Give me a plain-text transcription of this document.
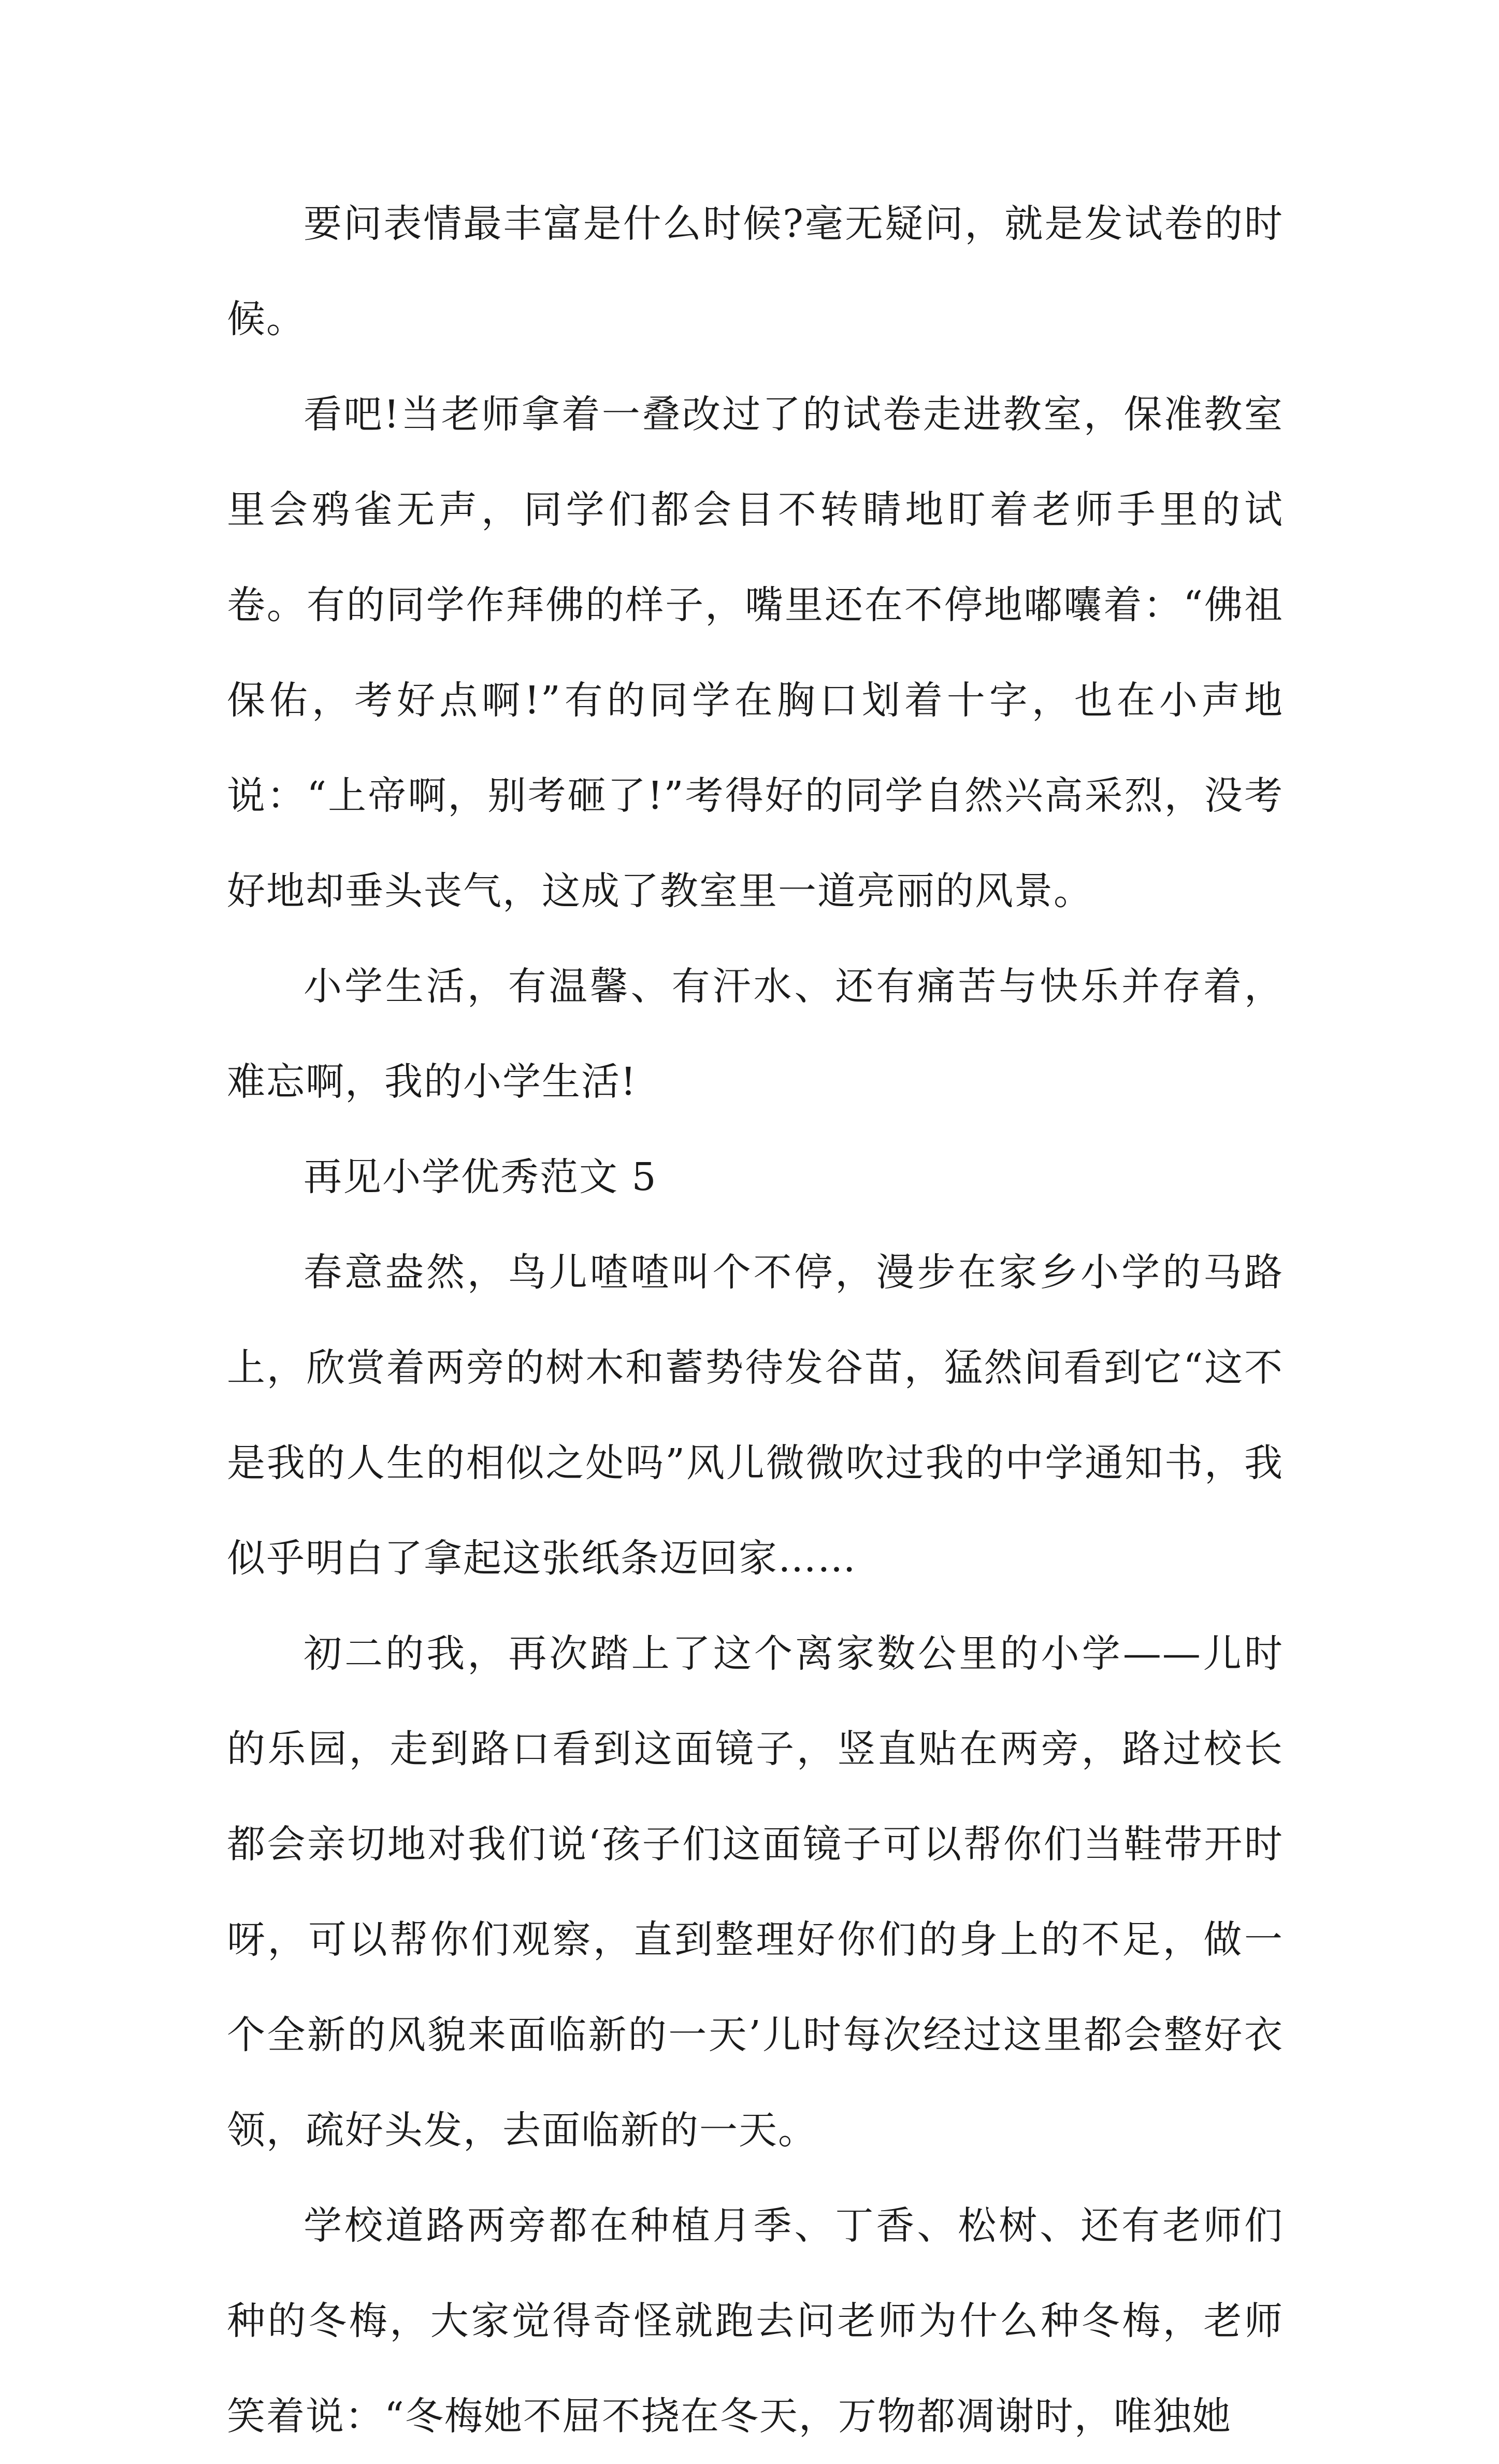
要问表情最丰富是什么时候?毫无疑问，就是发试卷的时候。

看吧!当老师拿着一叠改过了的试卷走进教室，保准教室里会鸦雀无声，同学们都会目不转睛地盯着老师手里的试卷。有的同学作拜佛的样子，嘴里还在不停地嘟囔着：“佛祖保佑，考好点啊!”有的同学在胸口划着十字，也在小声地说：“上帝啊，别考砸了!”考得好的同学自然兴高采烈，没考好地却垂头丧气，这成了教室里一道亮丽的风景。

小学生活，有温馨、有汗水、还有痛苦与快乐并存着，难忘啊，我的小学生活!

再见小学优秀范文 5

春意盎然，鸟儿喳喳叫个不停，漫步在家乡小学的马路上，欣赏着两旁的树木和蓄势待发谷苗，猛然间看到它“这不是我的人生的相似之处吗”风儿微微吹过我的中学通知书，我似乎明白了拿起这张纸条迈回家……

初二的我，再次踏上了这个离家数公里的小学——儿时的乐园，走到路口看到这面镜子，竖直贴在两旁，路过校长都会亲切地对我们说‘孩子们这面镜子可以帮你们当鞋带开时呀，可以帮你们观察，直到整理好你们的身上的不足，做一个全新的风貌来面临新的一天’儿时每次经过这里都会整好衣领，疏好头发，去面临新的一天。

学校道路两旁都在种植月季、丁香、松树、还有老师们种的冬梅，大家觉得奇怪就跑去问老师为什么种冬梅，老师笑着说：“冬梅她不屈不挠在冬天，万物都凋谢时，唯独她
